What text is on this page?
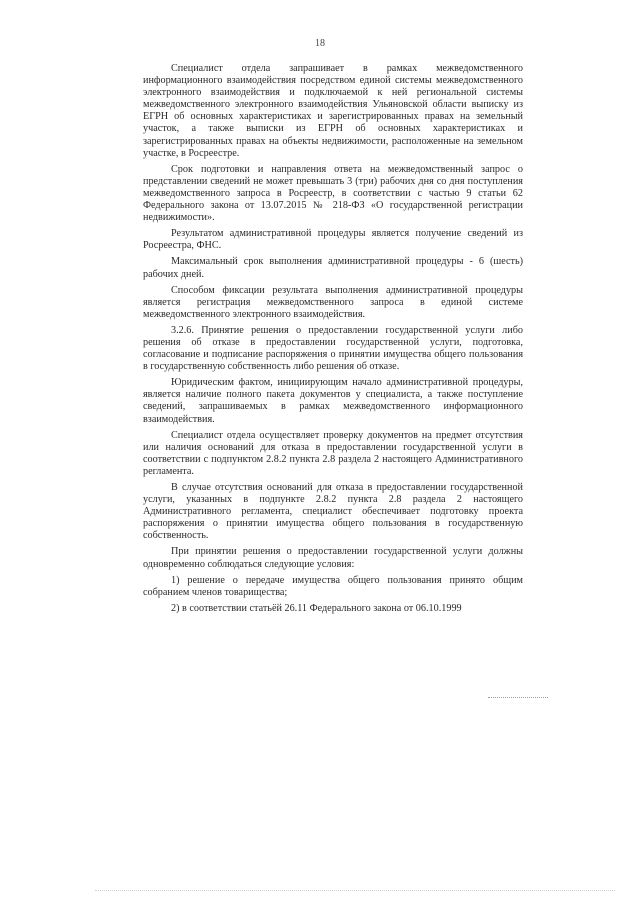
18

Специалист отдела запрашивает в рамках межведомственного информационного взаимодействия посредством единой системы межведомственного электронного взаимодействия и подключаемой к ней региональной системы межведомственного электронного взаимодействия Ульяновской области выписку из ЕГРН об основных характеристиках и зарегистрированных правах на земельный участок, а также выписки из ЕГРН об основных характеристиках и зарегистрированных правах на объекты недвижимости, расположенные на земельном участке, в Росреестре.

Срок подготовки и направления ответа на межведомственный запрос о представлении сведений не может превышать 3 (три) рабочих дня со дня поступления межведомственного запроса в Росреестр, в соответствии с частью 9 статьи 62 Федерального закона от 13.07.2015 № 218-ФЗ «О государственной регистрации недвижимости».

Результатом административной процедуры является получение сведений из Росреестра, ФНС.

Максимальный срок выполнения административной процедуры - 6 (шесть) рабочих дней.

Способом фиксации результата выполнения административной процедуры является регистрация межведомственного запроса в единой системе межведомственного электронного взаимодействия.

3.2.6. Принятие решения о предоставлении государственной услуги либо решения об отказе в предоставлении государственной услуги, подготовка, согласование и подписание распоряжения о принятии имущества общего пользования в государственную собственность либо решения об отказе.

Юридическим фактом, инициирующим начало административной процедуры, является наличие полного пакета документов у специалиста, а также поступление сведений, запрашиваемых в рамках межведомственного информационного взаимодействия.

Специалист отдела осуществляет проверку документов на предмет отсутствия или наличия оснований для отказа в предоставлении государственной услуги в соответствии с подпунктом 2.8.2 пункта 2.8 раздела 2 настоящего Административного регламента.

В случае отсутствия оснований для отказа в предоставлении государственной услуги, указанных в подпункте 2.8.2 пункта 2.8 раздела 2 настоящего Административного регламента, специалист обеспечивает подготовку проекта распоряжения о принятии имущества общего пользования в государственную собственность.

При принятии решения о предоставлении государственной услуги должны одновременно соблюдаться следующие условия:

1) решение о передаче имущества общего пользования принято общим собранием членов товарищества;

2) в соответствии статьёй 26.11 Федерального закона от 06.10.1999
